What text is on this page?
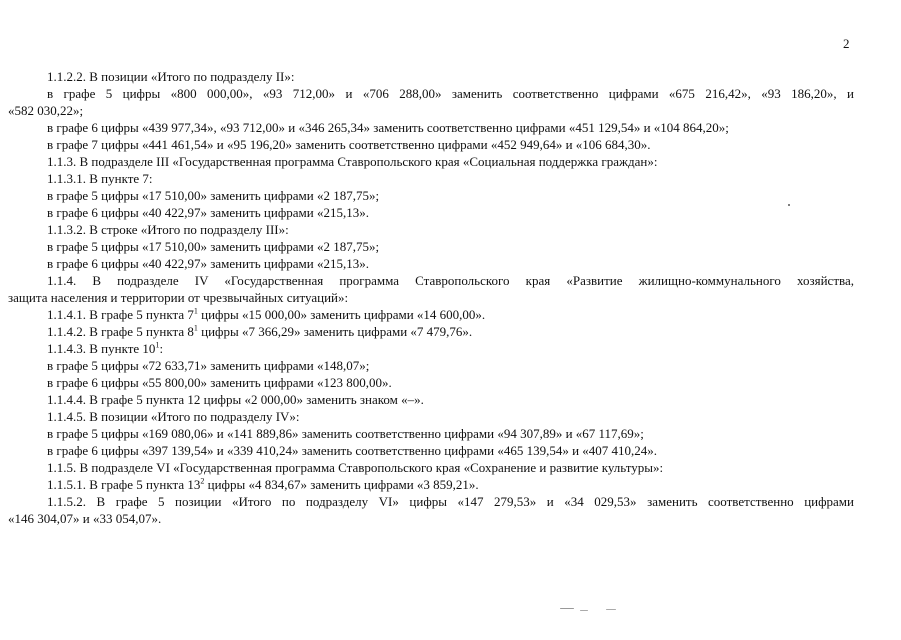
2
1.1.2.2. В позиции «Итого по подразделу II»:
в графе 5 цифры «800 000,00», «93 712,00» и «706 288,00» заменить соответственно цифрами «675 216,42», «93 186,20», и
«582 030,22»;
в графе 6 цифры «439 977,34», «93 712,00» и «346 265,34» заменить соответственно цифрами «451 129,54» и «104 864,20»;
в графе 7 цифры «441 461,54» и «95 196,20» заменить соответственно цифрами «452 949,64» и «106 684,30».
1.1.3. В подразделе III «Государственная программа Ставропольского края «Социальная поддержка граждан»:
1.1.3.1. В пункте 7:
в графе 5 цифры «17 510,00» заменить цифрами «2 187,75»;
в графе 6 цифры «40 422,97» заменить цифрами «215,13».
1.1.3.2. В строке «Итого по подразделу III»:
в графе 5 цифры «17 510,00» заменить цифрами «2 187,75»;
в графе 6 цифры «40 422,97» заменить цифрами «215,13».
1.1.4. В подразделе IV «Государственная программа Ставропольского края «Развитие жилищно-коммунального хозяйства,
защита населения и территории от чрезвычайных ситуаций»:
1.1.4.1. В графе 5 пункта $7^1$ цифры «15 000,00» заменить цифрами «14 600,00».
1.1.4.2. В графе 5 пункта $8^1$ цифры «7 366,29» заменить цифрами «7 479,76».
1.1.4.3. В пункте $10^1$:
в графе 5 цифры «72 633,71» заменить цифрами «148,07»;
в графе 6 цифры «55 800,00» заменить цифрами «123 800,00».
1.1.4.4. В графе 5 пункта 12 цифры «2 000,00» заменить знаком «–».
1.1.4.5. В позиции «Итого по подразделу IV»:
в графе 5 цифры «169 080,06» и «141 889,86» заменить соответственно цифрами «94 307,89» и «67 117,69»;
в графе 6 цифры «397 139,54» и «339 410,24» заменить соответственно цифрами «465 139,54» и «407 410,24».
1.1.5. В подразделе VI «Государственная программа Ставропольского края «Сохранение и развитие культуры»:
1.1.5.1. В графе 5 пункта $13^2$ цифры «4 834,67» заменить цифрами «3 859,21».
1.1.5.2. В графе 5 позиции «Итого по подразделу VI» цифры «147 279,53» и «34 029,53» заменить соответственно цифрами
«146 304,07» и «33 054,07».
